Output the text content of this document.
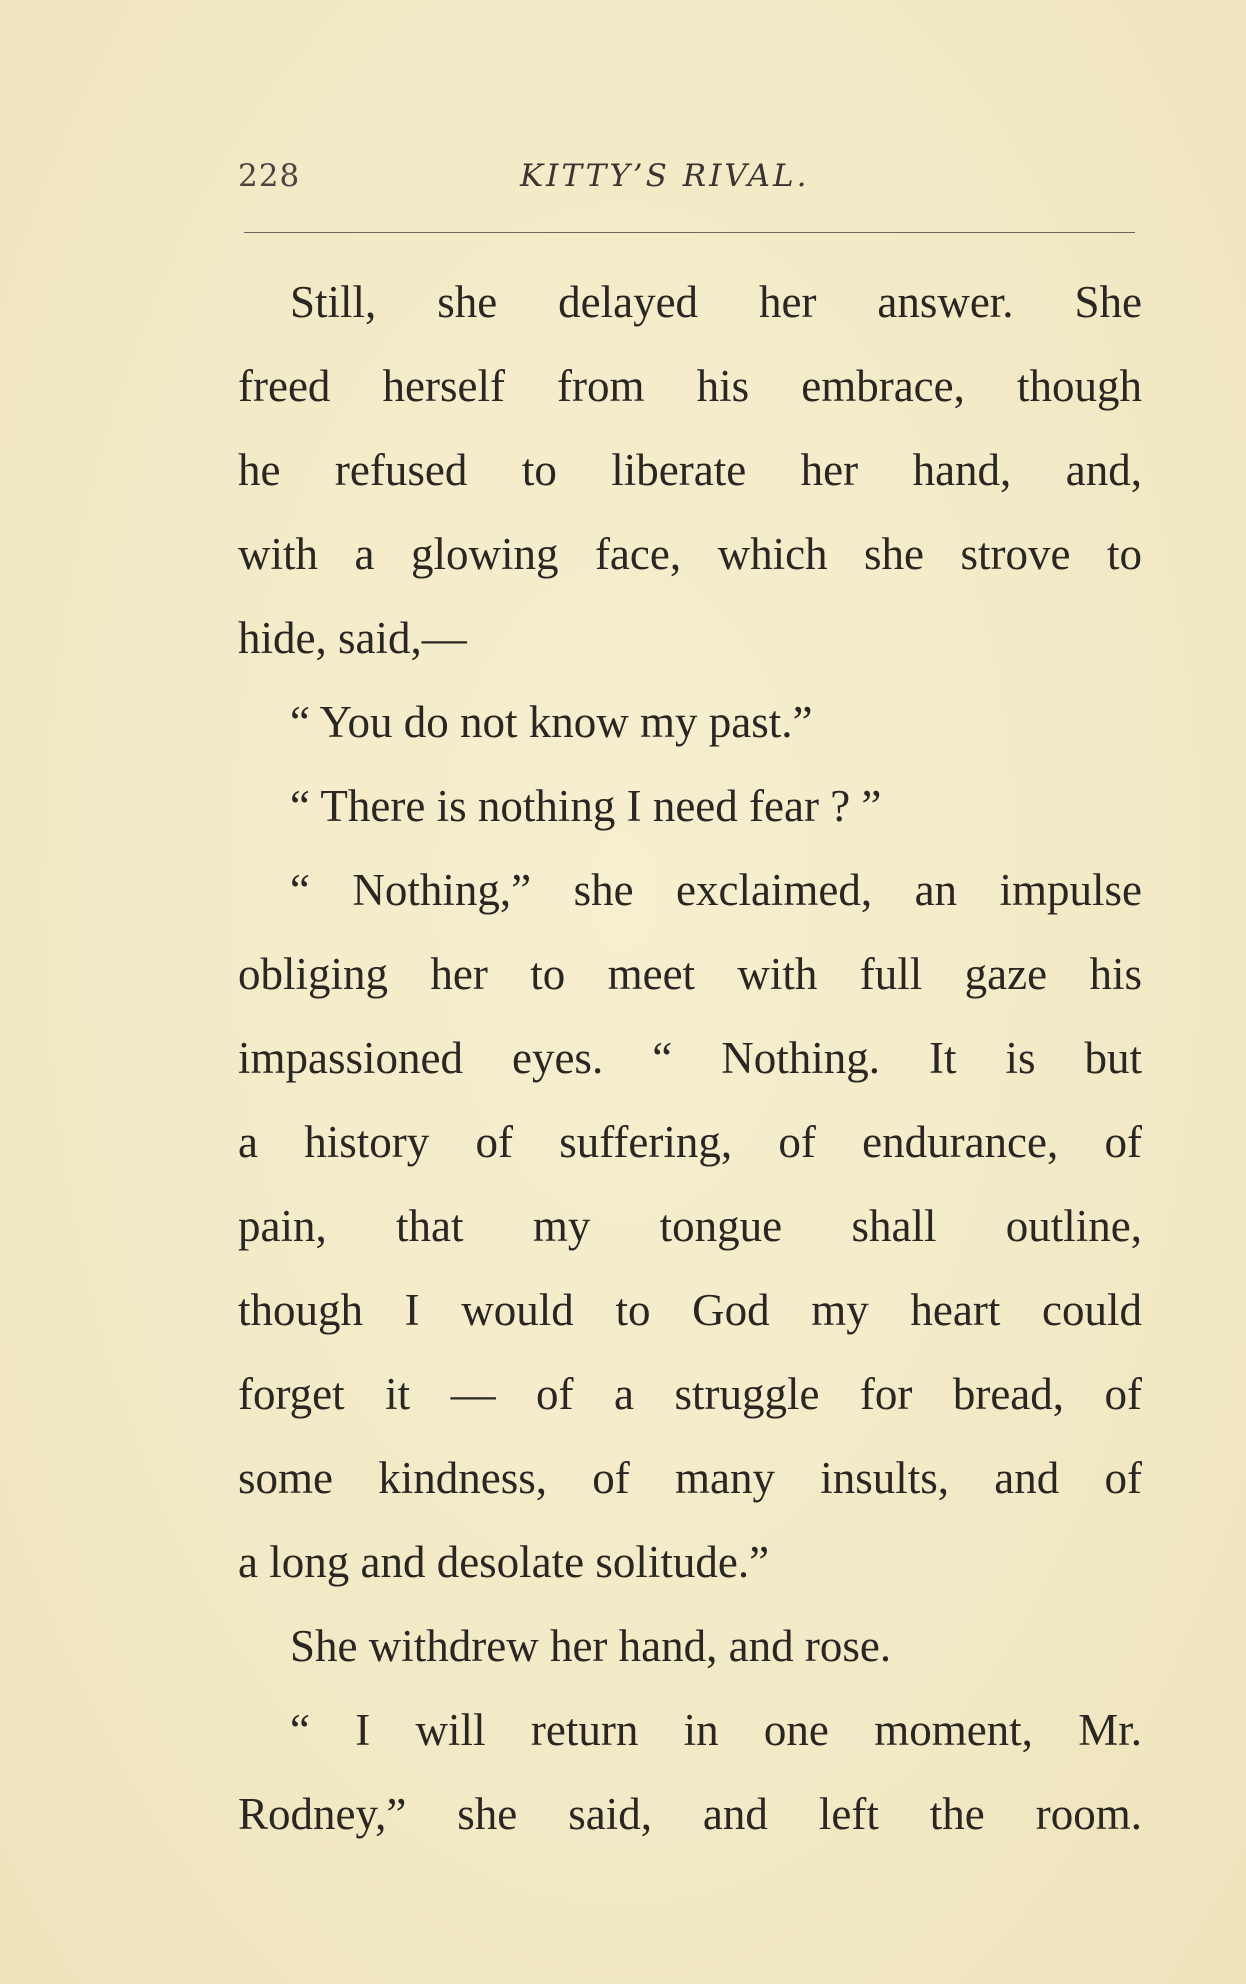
228	KITTY’S RIVAL.
Still, she delayed her answer. She
freed herself from his embrace, though
he refused to liberate her hand, and,
with a glowing face, which she strove to
hide, said,—
“ You do not know my past.”
“ There is nothing I need fear ? ”
“ Nothing,” she exclaimed, an impulse
obliging her to meet with full gaze his
impassioned eyes. “ Nothing. It is but
a history of suffering, of endurance, of
pain, that my tongue shall outline,
though I would to God my heart could
forget it — of a struggle for bread, of
some kindness, of many insults, and of
a long and desolate solitude.”
She withdrew her hand, and rose.
“ I will return in one moment, Mr.
Rodney,” she said, and left the room.
